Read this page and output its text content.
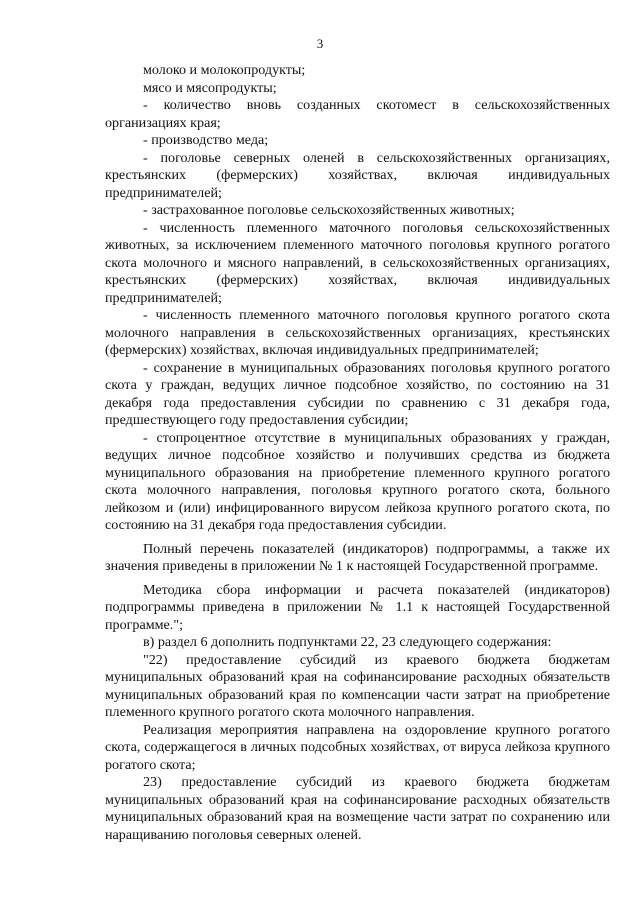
3

молоко и молокопродукты;

мясо и мясопродукты;

- количество вновь созданных скотомест в сельскохозяйственных организациях края;

- производство меда;

- поголовье северных оленей в сельскохозяйственных организациях, крестьянских (фермерских) хозяйствах, включая индивидуальных предпринимателей;

- застрахованное поголовье сельскохозяйственных животных;

- численность племенного маточного поголовья сельскохозяйственных животных, за исключением племенного маточного поголовья крупного рогатого скота молочного и мясного направлений, в сельскохозяйственных организациях, крестьянских (фермерских) хозяйствах, включая индивидуальных предпринимателей;

- численность племенного маточного поголовья крупного рогатого скота молочного направления в сельскохозяйственных организациях, крестьянских (фермерских) хозяйствах, включая индивидуальных предпринимателей;

- сохранение в муниципальных образованиях поголовья крупного рогатого скота у граждан, ведущих личное подсобное хозяйство, по состоянию на 31 декабря года предоставления субсидии по сравнению с 31 декабря года, предшествующего году предоставления субсидии;

- стопроцентное отсутствие в муниципальных образованиях у граждан, ведущих личное подсобное хозяйство и получивших средства из бюджета муниципального образования на приобретение племенного крупного рогатого скота молочного направления, поголовья крупного рогатого скота, больного лейкозом и (или) инфицированного вирусом лейкоза крупного рогатого скота, по состоянию на 31 декабря года предоставления субсидии.

Полный перечень показателей (индикаторов) подпрограммы, а также их значения приведены в приложении № 1 к настоящей Государственной программе.

Методика сбора информации и расчета показателей (индикаторов) подпрограммы приведена в приложении № 1.1 к настоящей Государственной программе.";

в) раздел 6 дополнить подпунктами 22, 23 следующего содержания:

"22) предоставление субсидий из краевого бюджета бюджетам муниципальных образований края на софинансирование расходных обязательств муниципальных образований края по компенсации части затрат на приобретение племенного крупного рогатого скота молочного направления.

Реализация мероприятия направлена на оздоровление крупного рогатого скота, содержащегося в личных подсобных хозяйствах, от вируса лейкоза крупного рогатого скота;

23) предоставление субсидий из краевого бюджета бюджетам муниципальных образований края на софинансирование расходных обязательств муниципальных образований края на возмещение части затрат по сохранению или наращиванию поголовья северных оленей.
